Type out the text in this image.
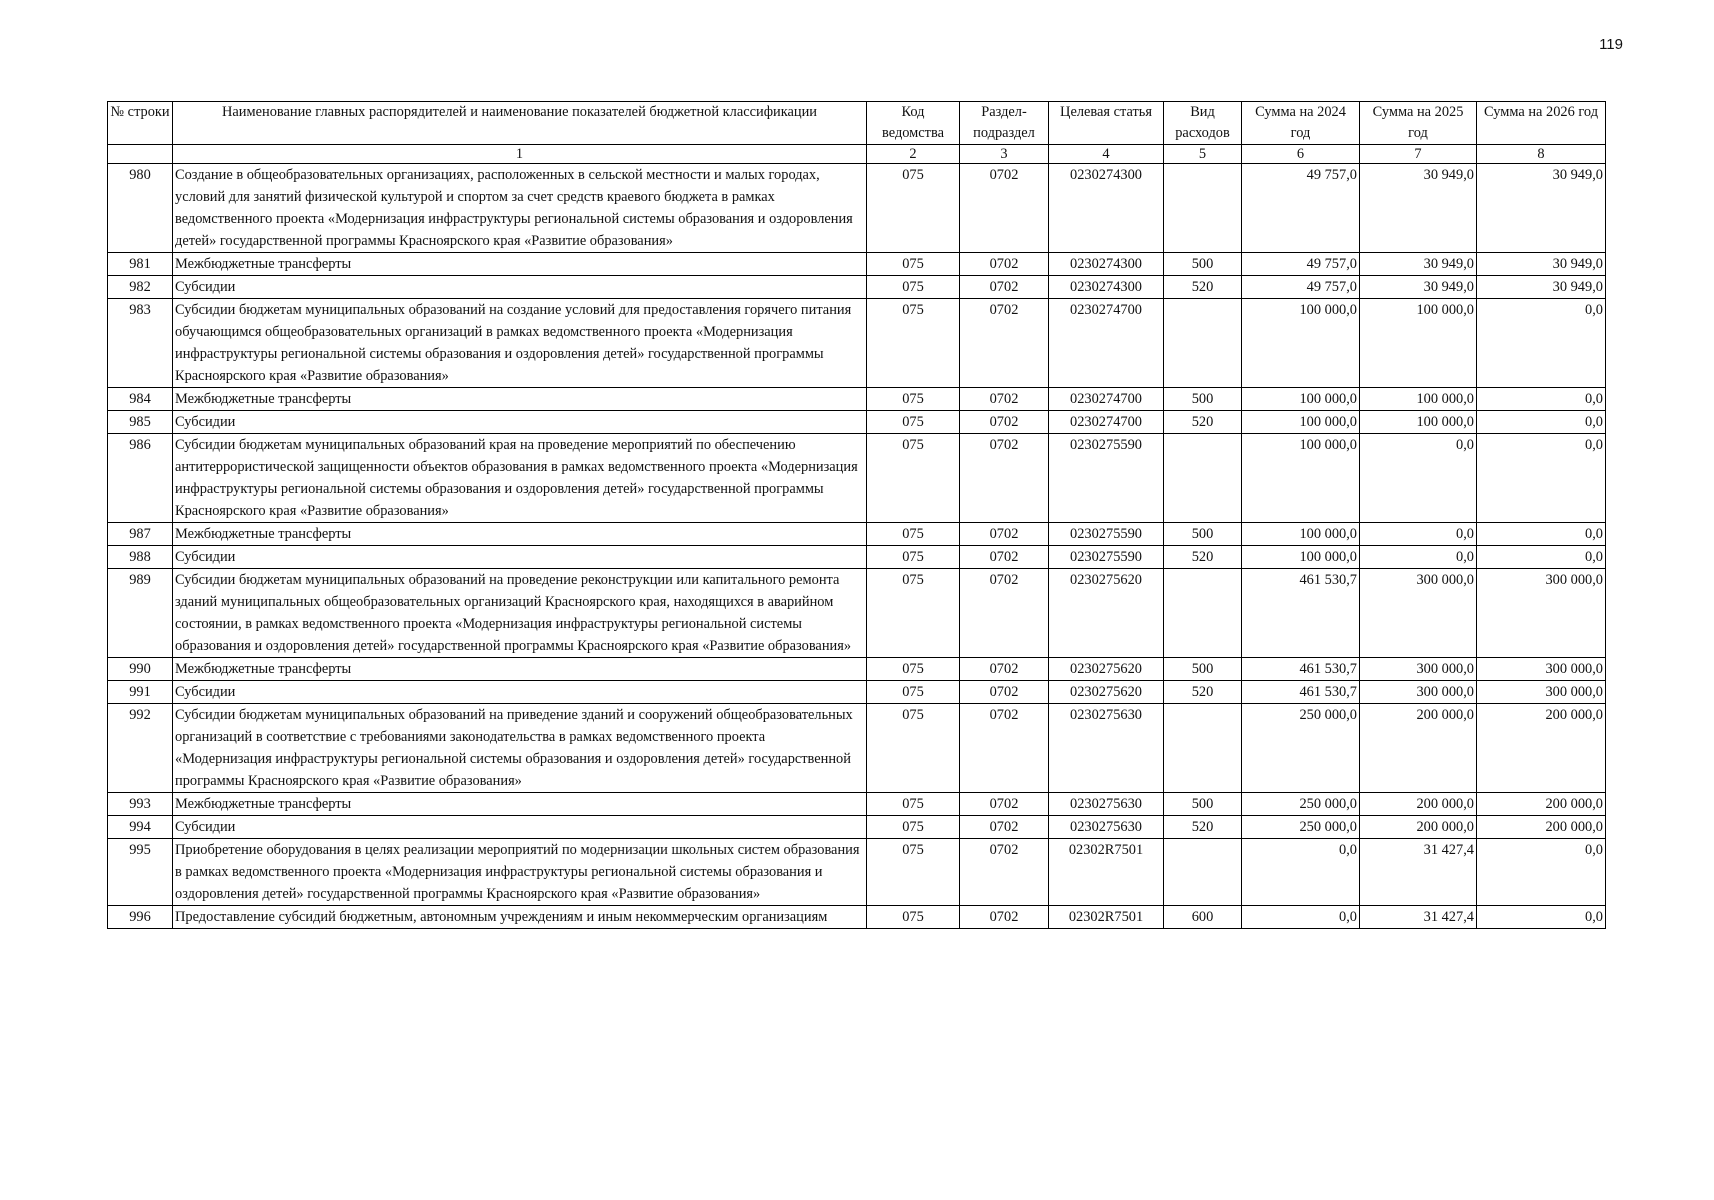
119
№ строки	Наименование главных распорядителей и наименование показателей бюджетной классификации	Код ведомства	Раздел- подраздел	Целевая статья	Вид расходов	Сумма на 2024 год	Сумма на 2025 год	Сумма на 2026 год
	1	2	3	4	5	6	7	8
980	Создание в общеобразовательных организациях, расположенных в сельской местности и малых городах, условий для занятий физической культурой и спортом за счет средств краевого бюджета в рамках ведомственного проекта «Модернизация инфраструктуры региональной системы образования и оздоровления детей» государственной программы Красноярского края «Развитие образования»	075	0702	0230274300		49 757,0	30 949,0	30 949,0
981	Межбюджетные трансферты	075	0702	0230274300	500	49 757,0	30 949,0	30 949,0
982	Субсидии	075	0702	0230274300	520	49 757,0	30 949,0	30 949,0
983	Субсидии бюджетам муниципальных образований на создание условий для предоставления горячего питания обучающимся общеобразовательных организаций в рамках ведомственного проекта «Модернизация инфраструктуры региональной системы образования и оздоровления детей» государственной программы Красноярского края «Развитие образования»	075	0702	0230274700		100 000,0	100 000,0	0,0
984	Межбюджетные трансферты	075	0702	0230274700	500	100 000,0	100 000,0	0,0
985	Субсидии	075	0702	0230274700	520	100 000,0	100 000,0	0,0
986	Субсидии бюджетам муниципальных образований края на проведение мероприятий по обеспечению антитеррористической защищенности объектов образования в рамках ведомственного проекта «Модернизация инфраструктуры региональной системы образования и оздоровления детей» государственной программы Красноярского края «Развитие образования»	075	0702	0230275590		100 000,0	0,0	0,0
987	Межбюджетные трансферты	075	0702	0230275590	500	100 000,0	0,0	0,0
988	Субсидии	075	0702	0230275590	520	100 000,0	0,0	0,0
989	Субсидии бюджетам муниципальных образований на проведение реконструкции или капитального ремонта зданий муниципальных общеобразовательных организаций Красноярского края, находящихся в аварийном состоянии, в рамках ведомственного проекта «Модернизация инфраструктуры региональной системы образования и оздоровления детей» государственной программы Красноярского края «Развитие образования»	075	0702	0230275620		461 530,7	300 000,0	300 000,0
990	Межбюджетные трансферты	075	0702	0230275620	500	461 530,7	300 000,0	300 000,0
991	Субсидии	075	0702	0230275620	520	461 530,7	300 000,0	300 000,0
992	Субсидии бюджетам муниципальных образований на приведение зданий и сооружений общеобразовательных организаций в соответствие с требованиями законодательства в рамках ведомственного проекта «Модернизация инфраструктуры региональной системы образования и оздоровления детей» государственной программы Красноярского края «Развитие образования»	075	0702	0230275630		250 000,0	200 000,0	200 000,0
993	Межбюджетные трансферты	075	0702	0230275630	500	250 000,0	200 000,0	200 000,0
994	Субсидии	075	0702	0230275630	520	250 000,0	200 000,0	200 000,0
995	Приобретение оборудования в целях реализации мероприятий по модернизации школьных систем образования в рамках ведомственного проекта «Модернизация инфраструктуры региональной системы образования и оздоровления детей» государственной программы Красноярского края «Развитие образования»	075	0702	02302R7501		0,0	31 427,4	0,0
996	Предоставление субсидий бюджетным, автономным учреждениям и иным некоммерческим организациям	075	0702	02302R7501	600	0,0	31 427,4	0,0
